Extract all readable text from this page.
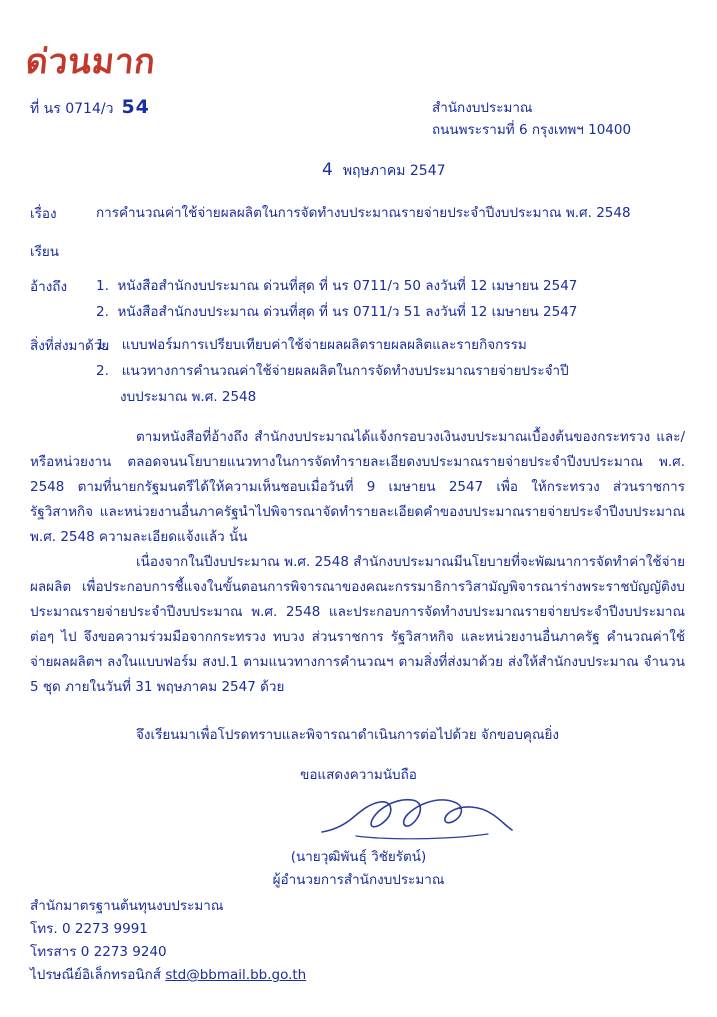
ด่วนมาก
ที่ นร 0714/ว 54	สำนักงบประมาณ
ถนนพระรามที่ 6 กรุงเทพฯ 10400
4 พฤษภาคม 2547
เรื่อง	การคำนวณค่าใช้จ่ายผลผลิตในการจัดทำงบประมาณรายจ่ายประจำปีงบประมาณ พ.ศ. 2548
เรียน
อ้างถึง 1.  หนังสือสำนักงบประมาณ ด่วนที่สุด ที่ นร 0711/ว 50 ลงวันที่ 12 เมษายน 2547
2.  หนังสือสำนักงบประมาณ ด่วนที่สุด ที่ นร 0711/ว 51 ลงวันที่ 12 เมษายน 2547
สิ่งที่ส่งมาด้วย
1.   แบบฟอร์มการเปรียบเทียบค่าใช้จ่ายผลผลิตรายผลผลิตและรายกิจกรรม
2.   แนวทางการคำนวณค่าใช้จ่ายผลผลิตในการจัดทำงบประมาณรายจ่ายประจำปี
งบประมาณ พ.ศ. 2548

ตามหนังสือที่อ้างถึง สำนักงบประมาณได้แจ้งกรอบวงเงินงบประมาณเบื้องต้นของกระทรวง และ/หรือหน่วยงาน ตลอดจนนโยบายแนวทางในการจัดทำรายละเอียดงบประมาณรายจ่ายประจำปีงบประมาณ พ.ศ. 2548 ตามที่นายกรัฐมนตรีได้ให้ความเห็นชอบเมื่อวันที่ 9 เมษายน 2547 เพื่อ ให้กระทรวง ส่วนราชการ รัฐวิสาหกิจ และหน่วยงานอื่นภาครัฐนำไปพิจารณาจัดทำรายละเอียดคำของบประมาณรายจ่ายประจำปีงบประมาณ พ.ศ. 2548 ความละเอียดแจ้งแล้ว นั้น

เนื่องจากในปีงบประมาณ พ.ศ. 2548 สำนักงบประมาณมีนโยบายที่จะพัฒนาการจัดทำค่าใช้จ่ายผลผลิต เพื่อประกอบการชี้แจงในขั้นตอนการพิจารณาของคณะกรรมาธิการวิสามัญพิจารณาร่างพระราชบัญญัติงบประมาณรายจ่ายประจำปีงบประมาณ พ.ศ. 2548 และประกอบการจัดทำงบประมาณรายจ่ายประจำปีงบประมาณต่อๆ ไป จึงขอความร่วมมือจากกระทรวง ทบวง ส่วนราชการ รัฐวิสาหกิจ และหน่วยงานอื่นภาครัฐ คำนวณค่าใช้จ่ายผลผลิตฯ ลงในแบบฟอร์ม สงป.1 ตามแนวทางการคำนวณฯ ตามสิ่งที่ส่งมาด้วย ส่งให้สำนักงบประมาณ จำนวน 5 ชุด ภายในวันที่ 31 พฤษภาคม 2547 ด้วย

จึงเรียนมาเพื่อโปรดทราบและพิจารณาดำเนินการต่อไปด้วย จักขอบคุณยิ่ง

ขอแสดงความนับถือ
(นายวุฒิพันธุ์ วิชัยรัตน์)
ผู้อำนวยการสำนักงบประมาณ
สำนักมาตรฐานต้นทุนงบประมาณ
โทร. 0 2273 9991
โทรสาร 0 2273 9240
ไปรษณีย์อิเล็กทรอนิกส์ std@bbmail.bb.go.th
